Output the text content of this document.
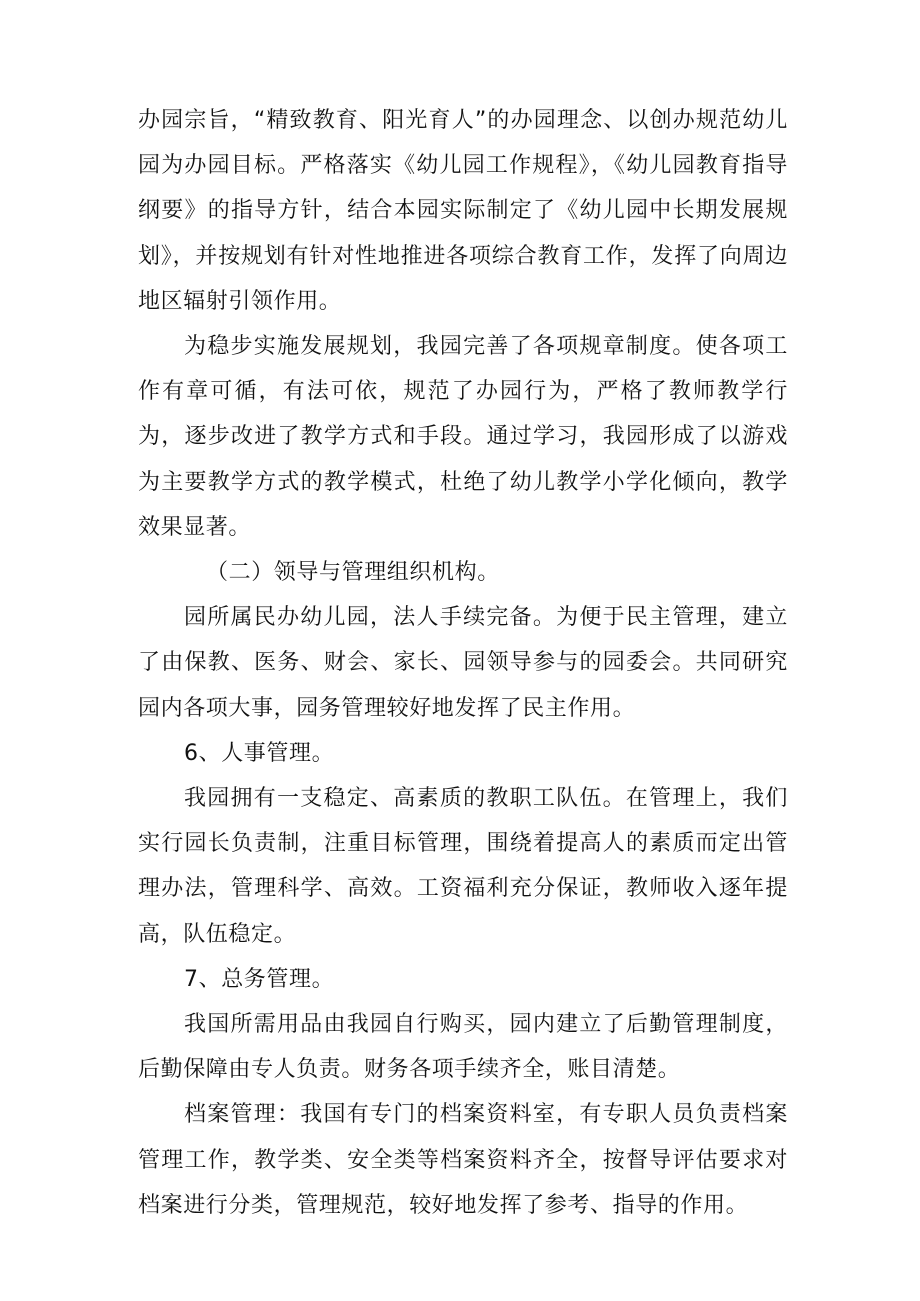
办园宗旨，“精致教育、阳光育人”的办园理念、以创办规范幼儿园为办园目标。严格落实《幼儿园工作规程》，《幼儿园教育指导纲要》的指导方针，结合本园实际制定了《幼儿园中长期发展规划》，并按规划有针对性地推进各项综合教育工作，发挥了向周边地区辐射引领作用。

为稳步实施发展规划，我园完善了各项规章制度。使各项工作有章可循，有法可依，规范了办园行为，严格了教师教学行为，逐步改进了教学方式和手段。通过学习，我园形成了以游戏为主要教学方式的教学模式，杜绝了幼儿教学小学化倾向，教学效果显著。

（二）领导与管理组织机构。

园所属民办幼儿园，法人手续完备。为便于民主管理，建立了由保教、医务、财会、家长、园领导参与的园委会。共同研究园内各项大事，园务管理较好地发挥了民主作用。

6、人事管理。

我园拥有一支稳定、高素质的教职工队伍。在管理上，我们实行园长负责制，注重目标管理，围绕着提高人的素质而定出管理办法，管理科学、高效。工资福利充分保证，教师收入逐年提高，队伍稳定。

7、总务管理。

我国所需用品由我园自行购买，园内建立了后勤管理制度，后勤保障由专人负责。财务各项手续齐全，账目清楚。

档案管理：我国有专门的档案资料室，有专职人员负责档案管理工作，教学类、安全类等档案资料齐全，按督导评估要求对档案进行分类，管理规范，较好地发挥了参考、指导的作用。
